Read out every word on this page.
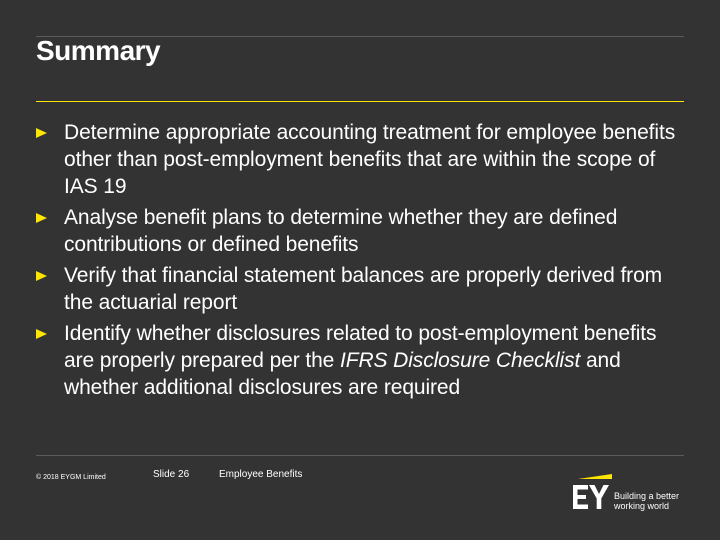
Summary
Determine appropriate accounting treatment for employee benefits other than post-employment benefits that are within the scope of IAS 19
Analyse benefit plans to determine whether they are defined contributions or defined benefits
Verify that financial statement balances are properly derived from the actuarial report
Identify whether disclosures related to post-employment benefits are properly prepared per the IFRS Disclosure Checklist and whether additional disclosures are required
© 2018 EYGM Limited	Slide 26	Employee Benefits
Building a better
working world
